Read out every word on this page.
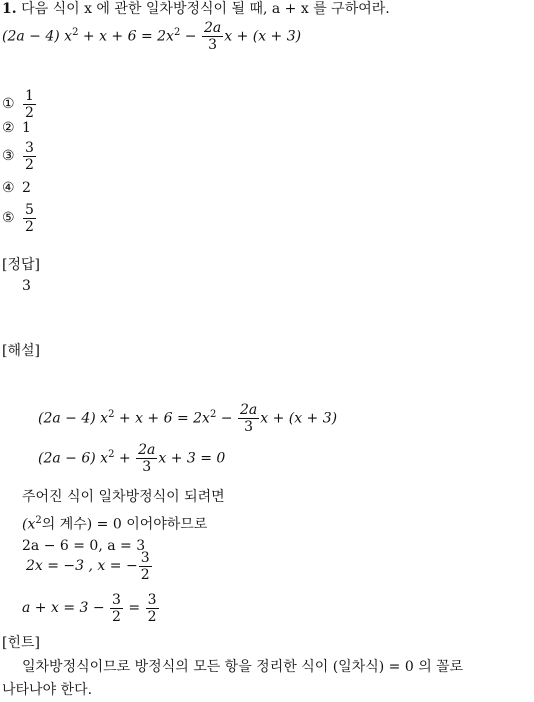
1. 다음 식이 x 에 관한 일차방정식이 될 때, a + x 를 구하여라.
(2a − 4) $x^2 + x + 6 = 2x^2 - \frac{2a}{3}$ x + (x + 3)
① $\frac{1}{2}$
② 1
③ $\frac{3}{2}$
④ 2
⑤ $\frac{5}{2}$
[정답]
3
[해설]
(2a − 4) $x^2 + x + 6 = 2x^2 - \frac{2a}{3}$ x + (x + 3)
(2a − 6) $x^2 + \frac{2a}{3}$ x + 3 = 0
주어진 식이 일차방정식이 되려면
($x^2$의 계수) = 0 이어야하므로
2a − 6 = 0, a = 3
2x = −3 , x = − $\frac{3}{2}$
$a + x = 3 - \frac{3}{2} = \frac{3}{2}$
[힌트]
일차방정식이므로 방정식의 모든 항을 정리한 식이 (일차식) = 0 의 꼴로
나타나야 한다.
